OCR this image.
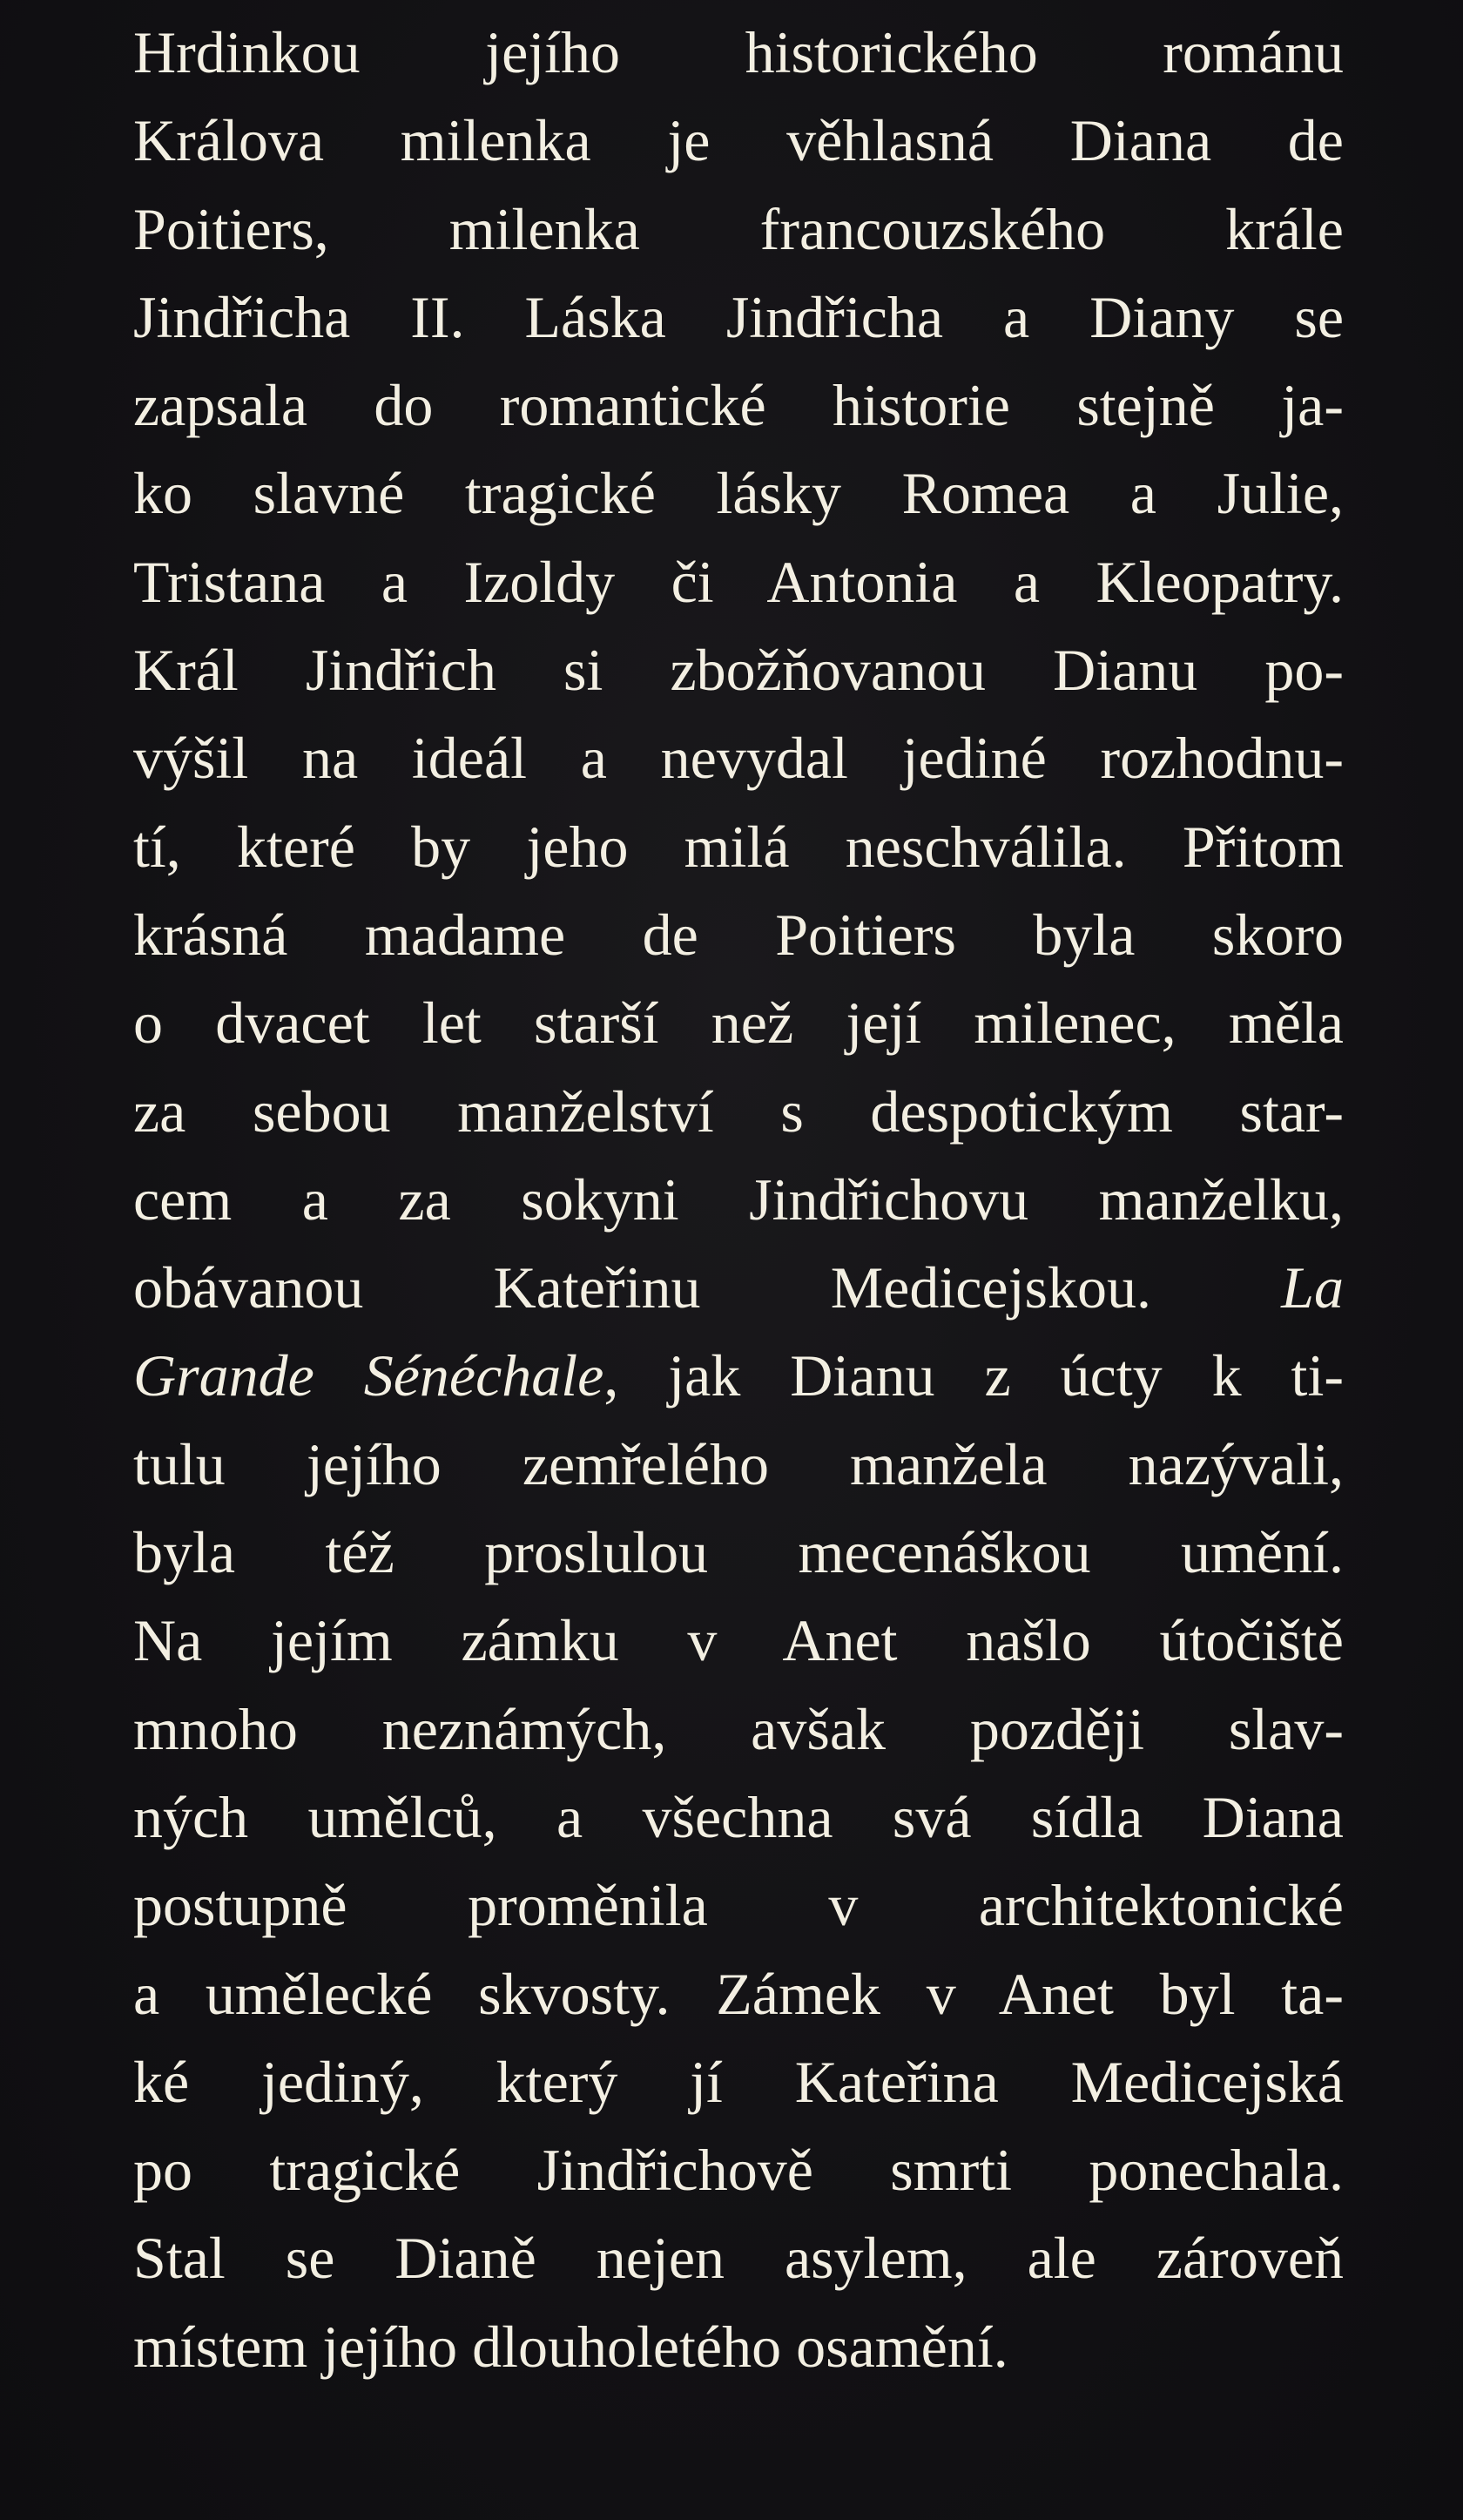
Hrdinkou jejího historického románu
Králova milenka je věhlasná Diana de
Poitiers, milenka francouzského krále
Jindřicha II. Láska Jindřicha a Diany se
zapsala do romantické historie stejně ja-
ko slavné tragické lásky Romea a Julie,
Tristana a Izoldy či Antonia a Kleopatry.
Král Jindřich si zbožňovanou Dianu po-
výšil na ideál a nevydal jediné rozhodnu-
tí, které by jeho milá neschválila. Přitom
krásná madame de Poitiers byla skoro
o dvacet let starší než její milenec, měla
za sebou manželství s despotickým star-
cem a za sokyni Jindřichovu manželku,
obávanou Kateřinu Medicejskou. La
Grande Sénéchale, jak Dianu z úcty k ti-
tulu jejího zemřelého manžela nazývali,
byla též proslulou mecenáškou umění.
Na jejím zámku v Anet našlo útočiště
mnoho neznámých, avšak později slav-
ných umělců, a všechna svá sídla Diana
postupně proměnila v architektonické
a umělecké skvosty. Zámek v Anet byl ta-
ké jediný, který jí Kateřina Medicejská
po tragické Jindřichově smrti ponechala.
Stal se Dianě nejen asylem, ale zároveň
místem jejího dlouholetého osamění.
